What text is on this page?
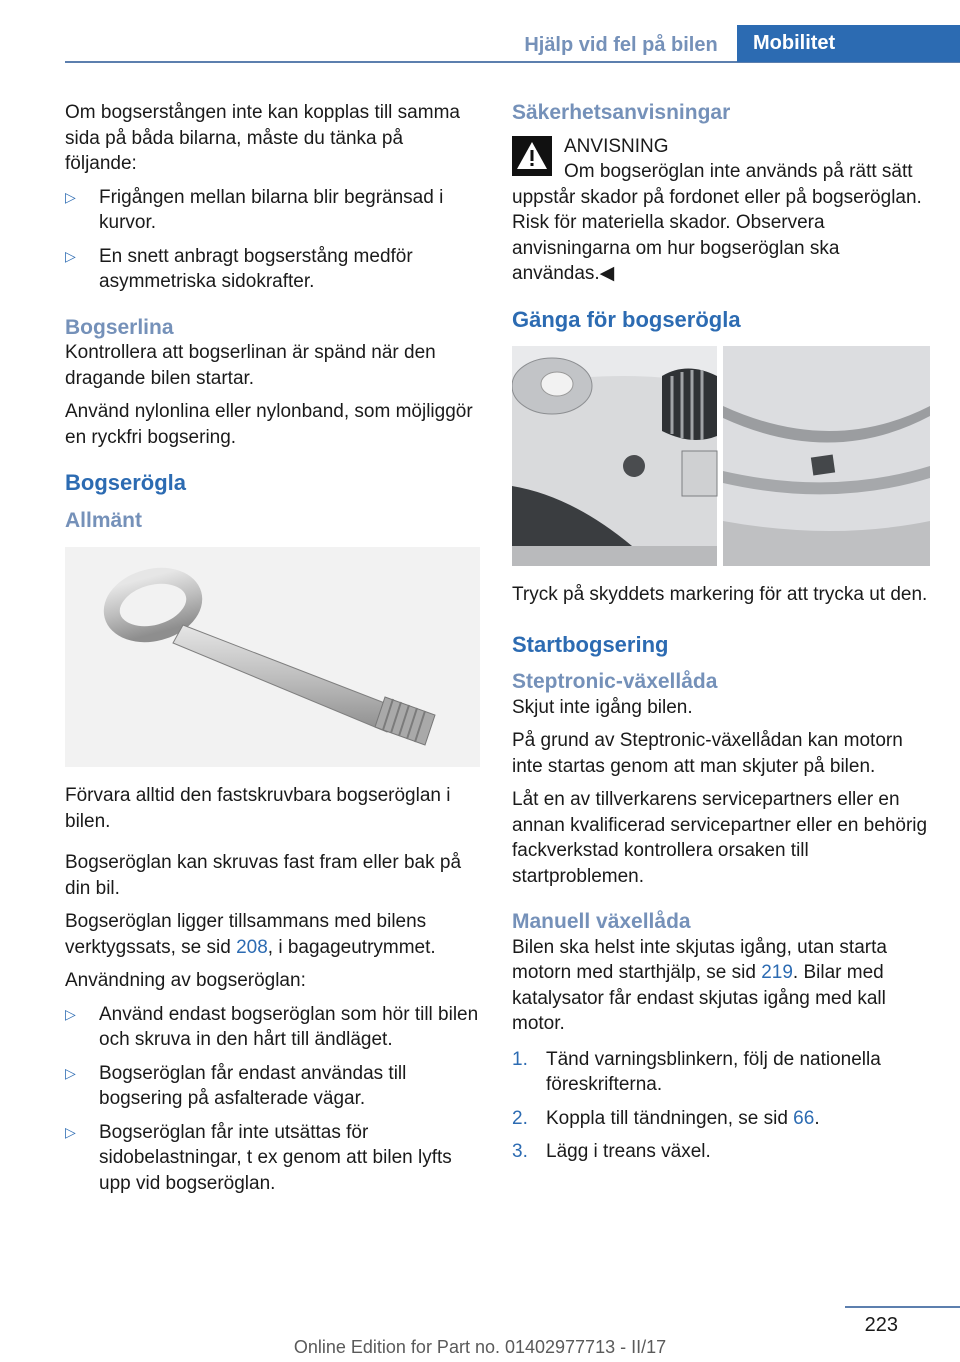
Hjälp vid fel på bilen	Mobilitet

Om bogserstången inte kan kopplas till samma sida på båda bilarna, måste du tänka på följande:

▷ Frigången mellan bilarna blir begränsad i kurvor.
▷ En snett anbragt bogserstång medför asymmetriska sidokrafter.
Bogserlina

Kontrollera att bogserlinan är spänd när den dragande bilen startar.

Använd nylonlina eller nylonband, som möjliggör en ryckfri bogsering.

Bogserögla
Allmänt

Förvara alltid den fastskruvbara bogseröglan i bilen.

Bogseröglan kan skruvas fast fram eller bak på din bil.

Bogseröglan ligger tillsammans med bilens verktygssats, se sid 208, i bagageutrymmet.

Användning av bogseröglan:

▷ Använd endast bogseröglan som hör till bilen och skruva in den hårt till ändläget.
▷ Bogseröglan får endast användas till bogsering på asfalterade vägar.
▷ Bogseröglan får inte utsättas för sidobelastningar, t ex genom att bilen lyfts upp vid bogseröglan.
Säkerhetsanvisningar
ANVISNING

Om bogseröglan inte används på rätt sätt uppstår skador på fordonet eller på bogseröglan. Risk för materiella skador. Observera anvisningarna om hur bogseröglan ska användas.◀

Gänga för bogserögla

Tryck på skyddets markering för att trycka ut den.

Startbogsering
Steptronic-växellåda

Skjut inte igång bilen.

På grund av Steptronic-växellådan kan motorn inte startas genom att man skjuter på bilen.

Låt en av tillverkarens servicepartners eller en annan kvalificerad servicepartner eller en behörig fackverkstad kontrollera orsaken till startproblemen.

Manuell växellåda

Bilen ska helst inte skjutas igång, utan starta motorn med starthjälp, se sid 219. Bilar med katalysator får endast skjutas igång med kall motor.

1. Tänd varningsblinkern, följ de nationella föreskrifterna.
2. Koppla till tändningen, se sid 66.
3. Lägg i treans växel.
223
Online Edition for Part no. 01402977713 - II/17
